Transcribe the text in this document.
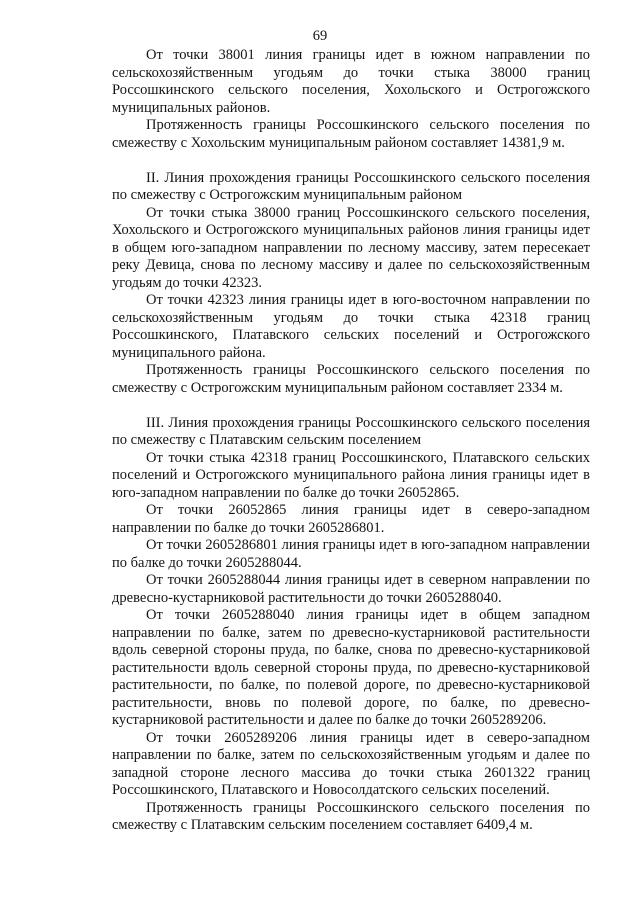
69

От точки 38001 линия границы идет в южном направлении по сельскохозяйственным угодьям до точки стыка 38000 границ Россошкинского сельского поселения, Хохольского и Острогожского муниципальных районов.

Протяженность границы Россошкинского сельского поселения по смежеству с Хохольским муниципальным районом составляет 14381,9 м.

II. Линия прохождения границы Россошкинского сельского поселения по смежеству с Острогожским муниципальным районом

От точки стыка 38000 границ Россошкинского сельского поселения, Хохольского и Острогожского муниципальных районов линия границы идет в общем юго-западном направлении по лесному массиву, затем пересекает реку Девица, снова по лесному массиву и далее по сельскохозяйственным угодьям до точки 42323.

От точки 42323 линия границы идет в юго-восточном направлении по сельскохозяйственным угодьям до точки стыка 42318 границ Россошкинского, Платавского сельских поселений и Острогожского муниципального района.

Протяженность границы Россошкинского сельского поселения по смежеству с Острогожским муниципальным районом составляет 2334 м.

III. Линия прохождения границы Россошкинского сельского поселения по смежеству с Платавским сельским поселением

От точки стыка 42318 границ Россошкинского, Платавского сельских поселений и Острогожского муниципального района линия границы идет в юго-западном направлении по балке до точки 26052865.

От точки 26052865 линия границы идет в северо-западном направлении по балке до точки 2605286801.

От точки 2605286801 линия границы идет в юго-западном направлении по балке до точки 2605288044.

От точки 2605288044 линия границы идет в северном направлении по древесно-кустарниковой растительности до точки 2605288040.

От точки 2605288040 линия границы идет в общем западном направлении по балке, затем по древесно-кустарниковой растительности вдоль северной стороны пруда, по балке, снова по древесно-кустарниковой растительности вдоль северной стороны пруда, по древесно-кустарниковой растительности, по балке, по полевой дороге, по древесно-кустарниковой растительности, вновь по полевой дороге, по балке, по древесно-кустарниковой растительности и далее по балке до точки 2605289206.

От точки 2605289206 линия границы идет в северо-западном направлении по балке, затем по сельскохозяйственным угодьям и далее по западной стороне лесного массива до точки стыка 2601322 границ Россошкинского, Платавского и Новосолдатского сельских поселений.

Протяженность границы Россошкинского сельского поселения по смежеству с Платавским сельским поселением составляет 6409,4 м.
